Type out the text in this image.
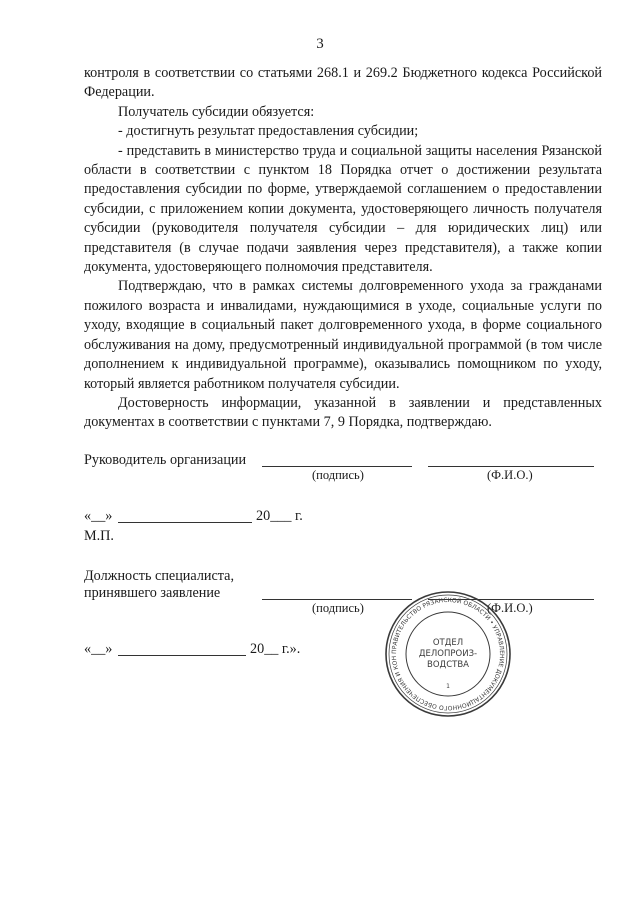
3

контроля в соответствии со статьями 268.1 и 269.2 Бюджетного кодекса Российской Федерации.

Получатель субсидии обязуется:

- достигнуть результат предоставления субсидии;

- представить в министерство труда и социальной защиты населения Рязанской области в соответствии с пунктом 18 Порядка отчет о достижении результата предоставления субсидии по форме, утверждаемой соглашением о предоставлении субсидии, с приложением копии документа, удостоверяющего личность получателя субсидии (руководителя получателя субсидии – для юридических лиц) или представителя (в случае подачи заявления через представителя), а также копии документа, удостоверяющего полномочия представителя.

Подтверждаю, что в рамках системы долговременного ухода за гражданами пожилого возраста и инвалидами, нуждающимися в уходе, социальные услуги по уходу, входящие в социальный пакет долговременного ухода, в форме социального обслуживания на дому, предусмотренный индивидуальной программой (в том числе дополнением к индивидуальной программе), оказывались помощником по уходу, который является работником получателя субсидии.

Достоверность информации, указанной в заявлении и представленных документах в соответствии с пунктами 7, 9 Порядка, подтверждаю.

Руководитель организации
(подпись)	(Ф.И.О.)
«__»	20___ г.
М.П.
Должность специалиста,
принявшего заявление
(подпись)	(Ф.И.О.)
«__»	20__ г.».	ПРАВИТЕЛЬСТВО РЯЗАНСКОЙ ОБЛАСТИ • УПРАВЛЕНИЕ ДОКУМЕНТАЦИОННОГО ОБЕСПЕЧЕНИЯ И КОН
ОТДЕЛ
ДЕЛОПРОИЗ-
ВОДСТВА
1
